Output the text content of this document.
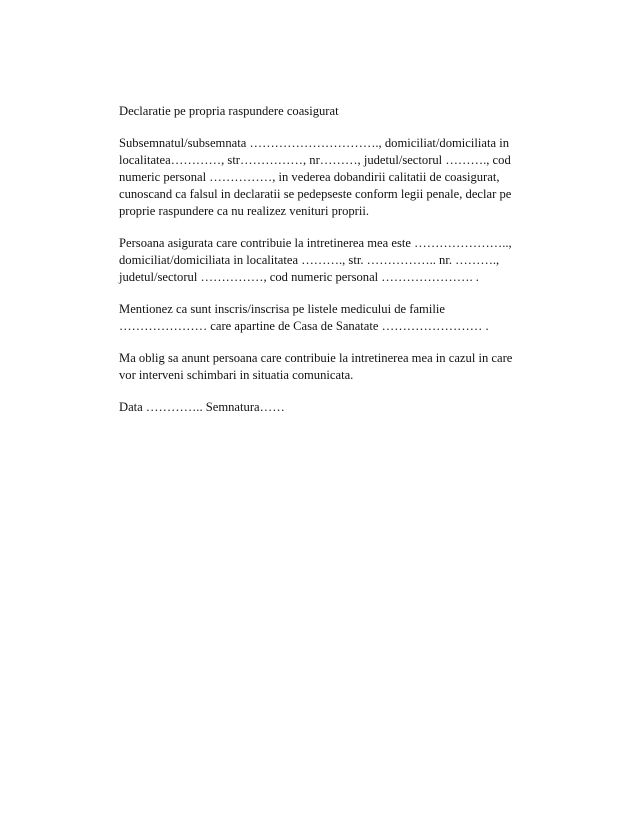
Declaratie pe propria raspundere coasigurat
Subsemnatul/subsemnata …………………………., domiciliat/domiciliata in
localitatea…………, str……………, nr………, judetul/sectorul ………., cod
numeric personal ……………, in vederea dobandirii calitatii de coasigurat,
cunoscand ca falsul in declaratii se pedepseste conform legii penale, declar pe
proprie raspundere ca nu realizez venituri proprii.
Persoana asigurata care contribuie la intretinerea mea este …………………..,
domiciliat/domiciliata in localitatea ………., str. …………….. nr. ……….,
judetul/sectorul ……………, cod numeric personal …………………. .
Mentionez ca sunt inscris/inscrisa pe listele medicului de familie
………………… care apartine de Casa de Sanatate …………………… .
Ma oblig sa anunt persoana care contribuie la intretinerea mea in cazul in care
vor interveni schimbari in situatia comunicata.
Data ………….. Semnatura……
